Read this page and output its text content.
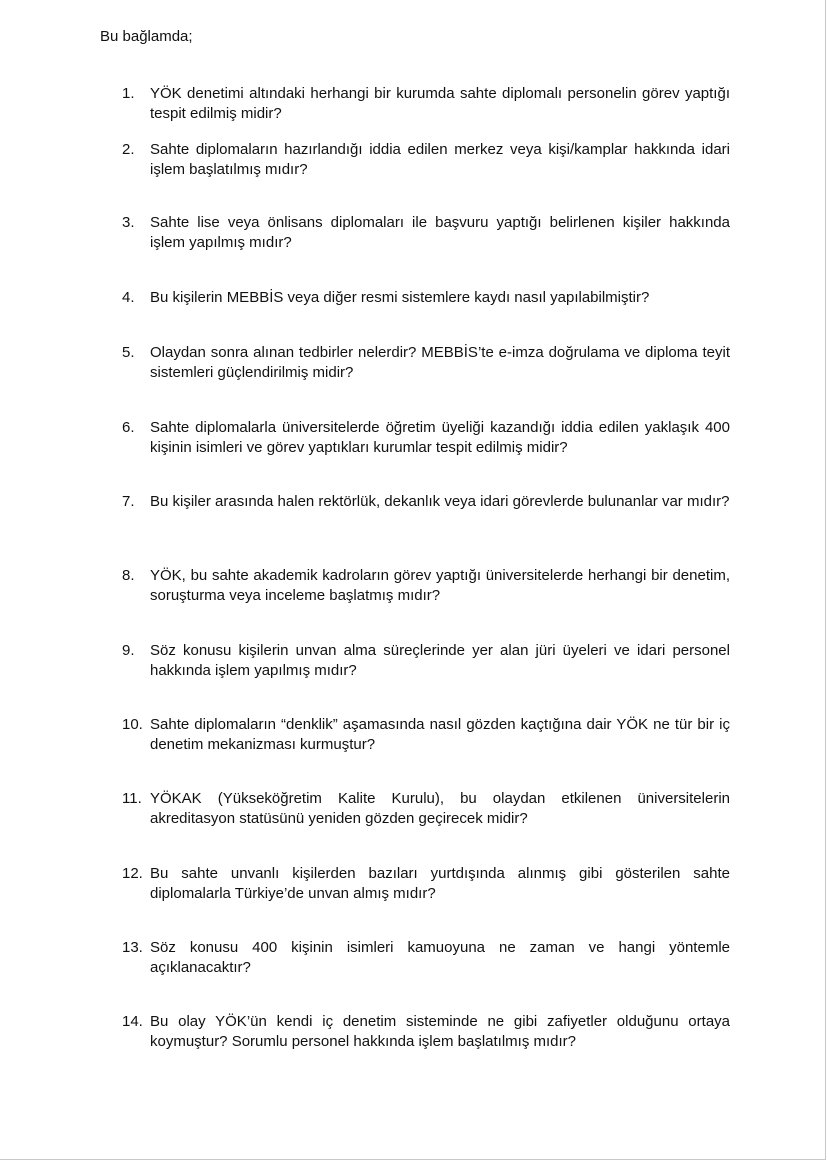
Bu bağlamda;
1.	YÖK denetimi altındaki herhangi bir kurumda sahte diplomalı personelin görev yaptığı tespit edilmiş midir?
2.	Sahte diplomaların hazırlandığı iddia edilen merkez veya kişi/kamplar hakkında idari işlem başlatılmış mıdır?
3.	Sahte lise veya önlisans diplomaları ile başvuru yaptığı belirlenen kişiler hakkında işlem yapılmış mıdır?
4.	Bu kişilerin MEBBİS veya diğer resmi sistemlere kaydı nasıl yapılabilmiştir?
5.	Olaydan sonra alınan tedbirler nelerdir? MEBBİS’te e-imza doğrulama ve diploma teyit sistemleri güçlendirilmiş midir?
6.	Sahte diplomalarla üniversitelerde öğretim üyeliği kazandığı iddia edilen yaklaşık 400 kişinin isimleri ve görev yaptıkları kurumlar tespit edilmiş midir?
7.	Bu kişiler arasında halen rektörlük, dekanlık veya idari görevlerde bulunanlar var mıdır?
8.	YÖK, bu sahte akademik kadroların görev yaptığı üniversitelerde herhangi bir denetim, soruşturma veya inceleme başlatmış mıdır?
9.	Söz konusu kişilerin unvan alma süreçlerinde yer alan jüri üyeleri ve idari personel hakkında işlem yapılmış mıdır?
10. Sahte diplomaların “denklik” aşamasında nasıl gözden kaçtığına dair YÖK ne tür bir iç denetim mekanizması kurmuştur?
11. YÖKAK (Yükseköğretim Kalite Kurulu), bu olaydan etkilenen üniversitelerin akreditasyon statüsünü yeniden gözden geçirecek midir?
12. Bu sahte unvanlı kişilerden bazıları yurtdışında alınmış gibi gösterilen sahte diplomalarla Türkiye’de unvan almış mıdır?
13. Söz konusu 400 kişinin isimleri kamuoyuna ne zaman ve hangi yöntemle açıklanacaktır?
14. Bu olay YÖK’ün kendi iç denetim sisteminde ne gibi zafiyetler olduğunu ortaya koymuştur? Sorumlu personel hakkında işlem başlatılmış mıdır?
